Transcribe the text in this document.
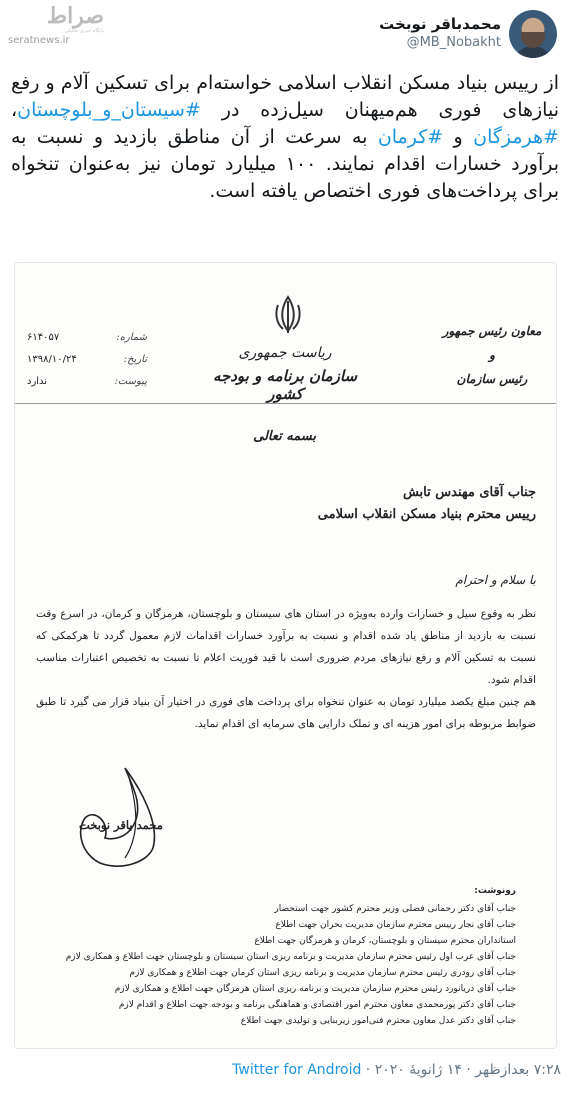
صراط
پایگاه خبری تحلیلی
seratnews.ir
محمدباقر نوبخت
@MB_Nobakht
از رییس بنیاد مسکن انقلاب اسلامی خواسته‌ام برای تسکین آلام و رفع نیازهای فوری هم‌میهنان سیل‌زده در #سیستان_و_بلوچستان، #هرمزگان و #کرمان به سرعت از آن مناطق بازدید و نسبت به برآورد خسارات اقدام نمایند. ۱۰۰ میلیارد تومان نیز به‌عنوان تنخواه برای پرداخت‌های فوری اختصاص یافته است.
ریاست جمهوری
سازمان برنامه و بودجه کشور
معاون رئیس جمهور
و
رئیس سازمان
شماره:
۶۱۴۰۵۷
تاریخ:
۱۳۹۸/۱۰/۲۴
پیوست:
ندارد
بسمه تعالی
جناب آقای مهندس تابش
رییس محترم بنیاد مسکن انقلاب اسلامی
با سلام و احترام
نظر به وقوع سیل و خسارات وارده به‌ویژه در استان های سیستان و بلوچستان، هرمزگان و کرمان، در اسرع وقت نسبت به بازدید از مناطق یاد شده اقدام و نسبت به برآورد خسارات اقدامات لازم معمول گردد تا هرکمکی که نسبت به تسکین آلام و رفع نیازهای مردم ضروری است با قید فوریت اعلام تا نسبت به تخصیص اعتبارات مناسب اقدام شود.
هم چنین مبلغ یکصد میلیارد تومان به عنوان تنخواه برای پرداخت های فوری در اختیار آن بنیاد قرار می گیرد تا طبق ضوابط مربوطه برای امور هزینه ای و تملک دارایی های سرمایه ای اقدام نماید.
محمد باقر نوبخت
رونوشت:
جناب آقای دکتر رحمانی فضلی وزیر محترم کشور جهت استحضار
جناب آقای نجار رییس محترم سازمان مدیریت بحران جهت اطلاع
استانداران محترم سیستان و بلوچستان، کرمان و هرمزگان جهت اطلاع
جناب آقای عرب اول رئیس محترم سازمان مدیریت و برنامه ریزی استان سیستان و بلوچستان جهت اطلاع و همکاری لازم
جناب آقای رودری رئیس محترم سازمان مدیریت و برنامه ریزی استان کرمان جهت اطلاع و همکاری لازم
جناب آقای دریانورد رئیس محترم سازمان مدیریت و برنامه ریزی استان هرمزگان جهت اطلاع و همکاری لازم
جناب آقای دکتر پورمحمدی معاون محترم امور اقتصادی و هماهنگی برنامه و بودجه جهت اطلاع و اقدام لازم
جناب آقای دکتر عدل معاون محترم فنی‌امور زیربنایی و تولیدی جهت اطلاع
۷:۲۸ بعدازظهر · ۱۴ ژانویهٔ ۲۰۲۰ · Twitter for Android
